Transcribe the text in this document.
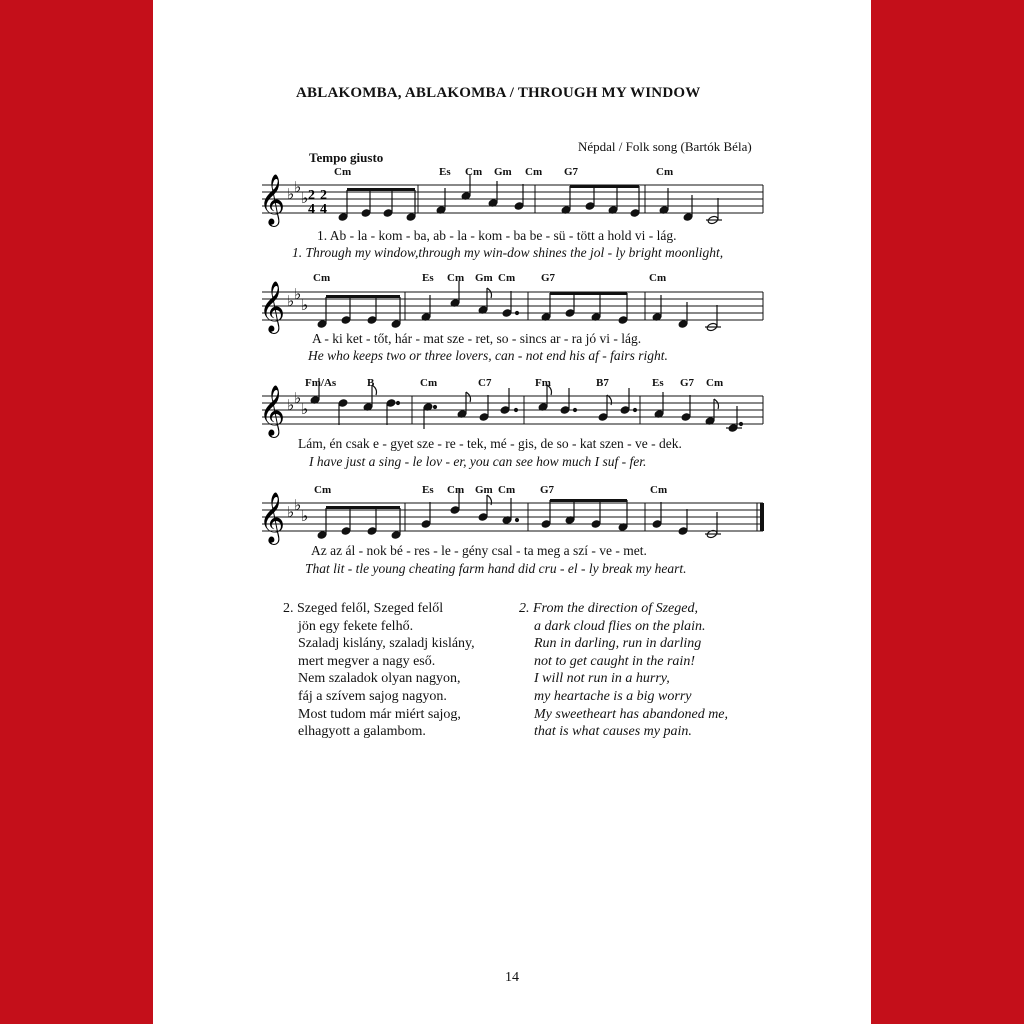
ABLAKOMBA, ABLAKOMBA / THROUGH MY WINDOW
Népdal / Folk song (Bartók Béla)
Tempo giusto
Cm	Es Cm Gm Cm G7	Cm
𝄞 ♭ ♭
♭ 2
4
2
4
1. Ab - la - kom - ba, ab - la - kom - ba be - sü - tött a hold vi - lág.
1. Through my window,through my win-dow shines the jol - ly bright moonlight,
Cm	Es Cm Gm Cm G7	Cm
𝄞 ♭ ♭
♭
A - ki ket - tőt, hár - mat sze - ret, so - sincs ar - ra jó vi - lág.
He who keeps two or three lovers, can - not end his af - fairs right.
Fm/As	B	Cm	C7	Fm	B7	Es G7 Cm
𝄞 ♭ ♭
♭
Lám, én csak e - gyet sze - re - tek, mé - gis, de so - kat szen - ve - dek.
I have just a sing - le lov - er, you can see how much I suf - fer.
Cm	Es Cm Gm Cm G7	Cm
𝄞 ♭ ♭
♭
Az az ál - nok bé - res - le - gény csal - ta meg a szí - ve - met.
That lit - tle young cheating farm hand did cru - el - ly break my heart.
2. Szeged felől, Szeged felől
jön egy fekete felhő.
Szaladj kislány, szaladj kislány,
mert megver a nagy eső.
Nem szaladok olyan nagyon,
fáj a szívem sajog nagyon.
Most tudom már miért sajog,
elhagyott a galambom.
2. From the direction of Szeged,
a dark cloud flies on the plain.
Run in darling, run in darling
not to get caught in the rain!
I will not run in a hurry,
my heartache is a big worry
My sweetheart has abandoned me,
that is what causes my pain.
14
